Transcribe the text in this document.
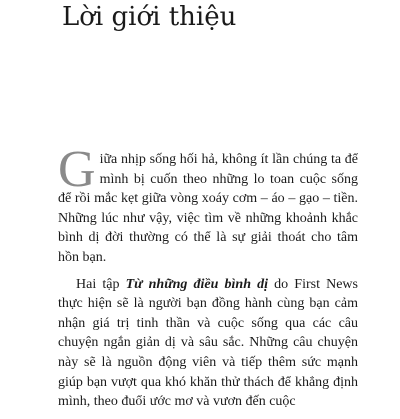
Lời giới thiệu

Giữa nhịp sống hối hả, không ít lần chúng ta để mình bị cuốn theo những lo toan cuộc sống để rồi mắc kẹt giữa vòng xoáy cơm – áo – gạo – tiền. Những lúc như vậy, việc tìm về những khoảnh khắc bình dị đời thường có thể là sự giải thoát cho tâm hồn bạn.

Hai tập Từ những điều bình dị do First News thực hiện sẽ là người bạn đồng hành cùng bạn cảm nhận giá trị tinh thần và cuộc sống qua các câu chuyện ngắn giản dị và sâu sắc. Những câu chuyện này sẽ là nguồn động viên và tiếp thêm sức mạnh giúp bạn vượt qua khó khăn thử thách để khẳng định mình, theo đuổi ước mơ và vươn đến cuộc
